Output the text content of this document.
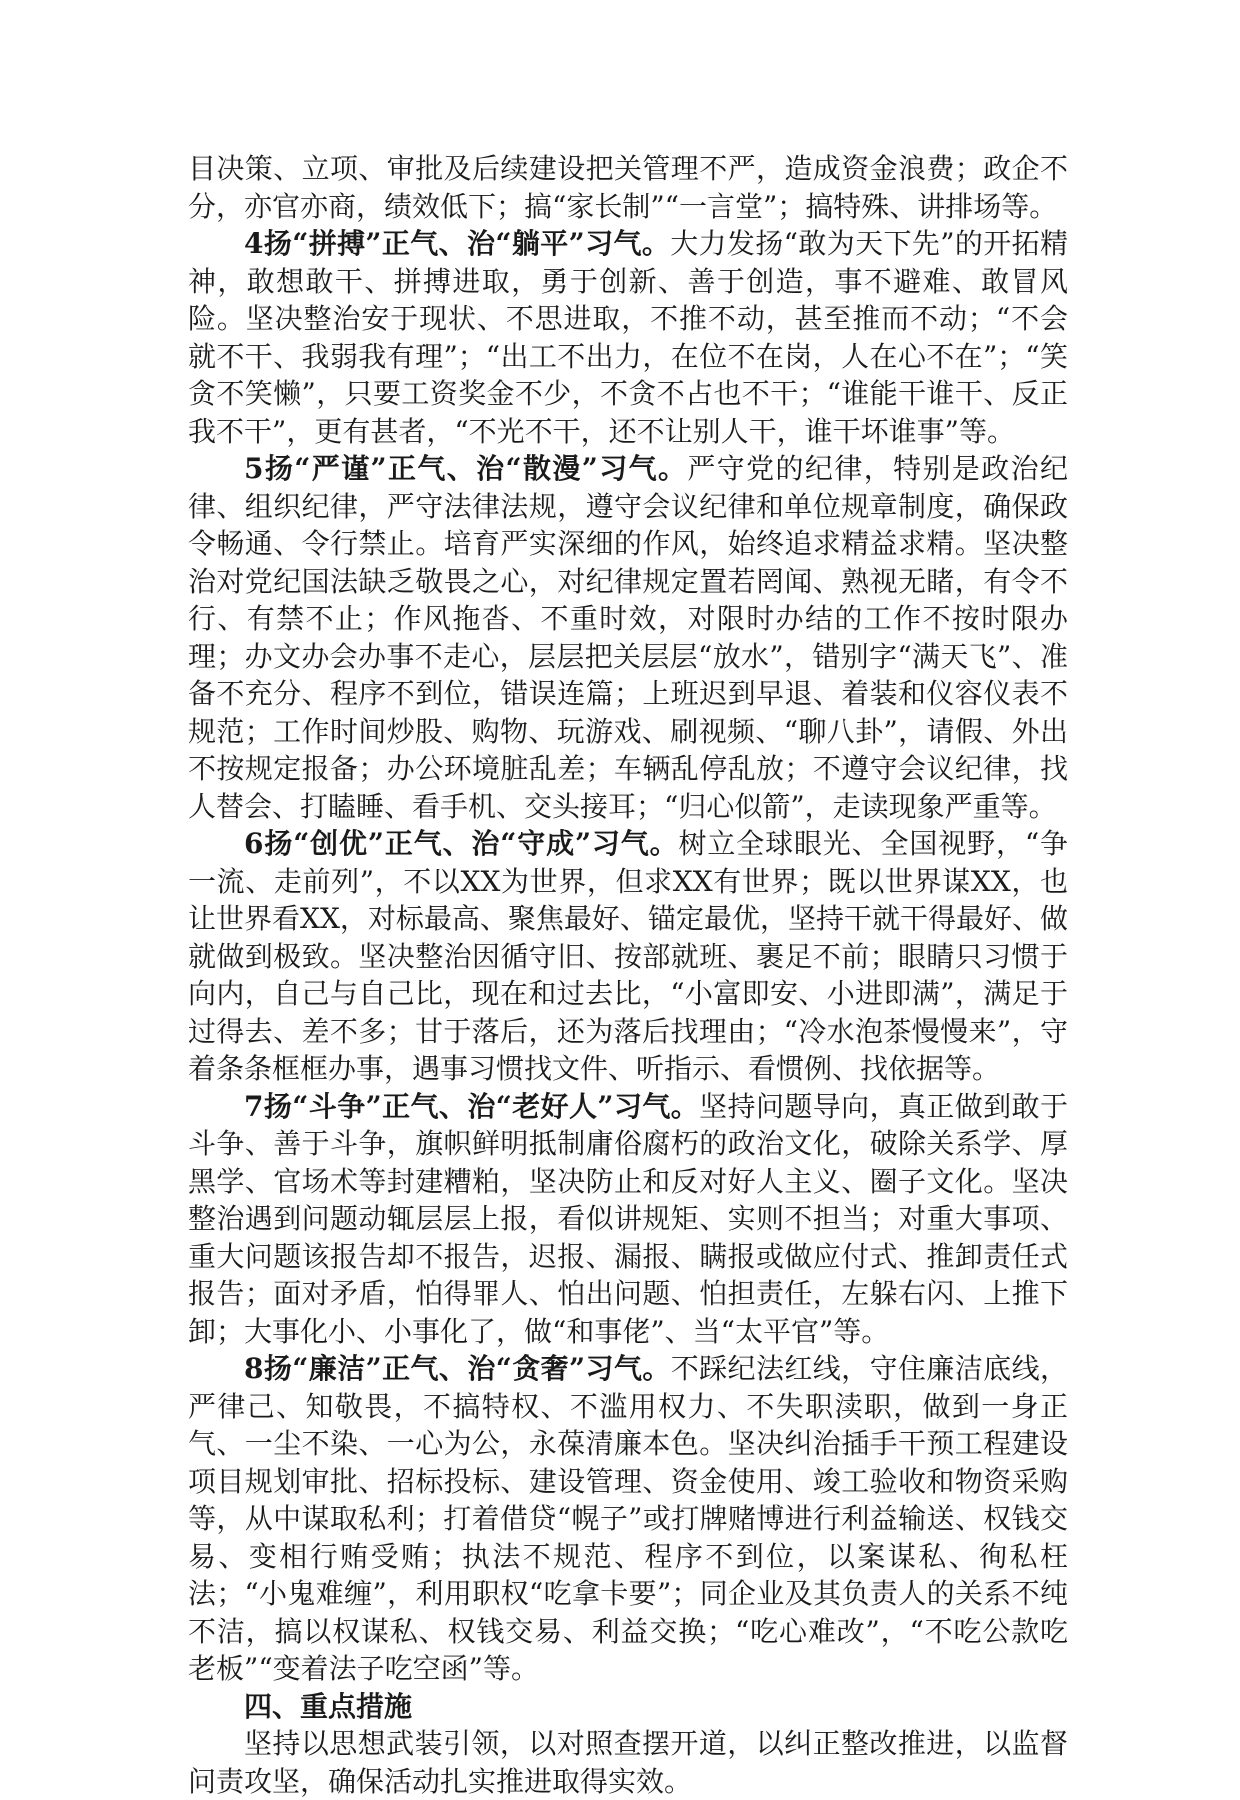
目决策、立项、审批及后续建设把关管理不严，造成资金浪费；政企不分，亦官亦商，绩效低下；搞“家长制”“一言堂”；搞特殊、讲排场等。

4扬“拼搏”正气、治“躺平”习气。大力发扬“敢为天下先”的开拓精神，敢想敢干、拼搏进取，勇于创新、善于创造，事不避难、敢冒风险。坚决整治安于现状、不思进取，不推不动，甚至推而不动；“不会就不干、我弱我有理”；“出工不出力，在位不在岗，人在心不在”；“笑贪不笑懒”，只要工资奖金不少，不贪不占也不干；“谁能干谁干、反正我不干”，更有甚者，“不光不干，还不让别人干，谁干坏谁事”等。

5扬“严谨”正气、治“散漫”习气。严守党的纪律，特别是政治纪律、组织纪律，严守法律法规，遵守会议纪律和单位规章制度，确保政令畅通、令行禁止。培育严实深细的作风，始终追求精益求精。坚决整治对党纪国法缺乏敬畏之心，对纪律规定置若罔闻、熟视无睹，有令不行、有禁不止；作风拖沓、不重时效，对限时办结的工作不按时限办理；办文办会办事不走心，层层把关层层“放水”，错别字“满天飞”、准备不充分、程序不到位，错误连篇；上班迟到早退、着装和仪容仪表不规范；工作时间炒股、购物、玩游戏、刷视频、“聊八卦”，请假、外出不按规定报备；办公环境脏乱差；车辆乱停乱放；不遵守会议纪律，找人替会、打瞌睡、看手机、交头接耳；“归心似箭”，走读现象严重等。

6扬“创优”正气、治“守成”习气。树立全球眼光、全国视野，“争一流、走前列”，不以XX为世界，但求XX有世界；既以世界谋XX，也让世界看XX，对标最高、聚焦最好、锚定最优，坚持干就干得最好、做就做到极致。坚决整治因循守旧、按部就班、裹足不前；眼睛只习惯于向内，自己与自己比，现在和过去比，“小富即安、小进即满”，满足于过得去、差不多；甘于落后，还为落后找理由；“冷水泡茶慢慢来”，守着条条框框办事，遇事习惯找文件、听指示、看惯例、找依据等。

7扬“斗争”正气、治“老好人”习气。坚持问题导向，真正做到敢于斗争、善于斗争，旗帜鲜明抵制庸俗腐朽的政治文化，破除关系学、厚黑学、官场术等封建糟粕，坚决防止和反对好人主义、圈子文化。坚决整治遇到问题动辄层层上报，看似讲规矩、实则不担当；对重大事项、重大问题该报告却不报告，迟报、漏报、瞒报或做应付式、推卸责任式报告；面对矛盾，怕得罪人、怕出问题、怕担责任，左躲右闪、上推下卸；大事化小、小事化了，做“和事佬”、当“太平官”等。

8扬“廉洁”正气、治“贪奢”习气。不踩纪法红线，守住廉洁底线，严律己、知敬畏，不搞特权、不滥用权力、不失职渎职，做到一身正气、一尘不染、一心为公，永葆清廉本色。坚决纠治插手干预工程建设项目规划审批、招标投标、建设管理、资金使用、竣工验收和物资采购等，从中谋取私利；打着借贷“幌子”或打牌赌博进行利益输送、权钱交易、变相行贿受贿；执法不规范、程序不到位，以案谋私、徇私枉法；“小鬼难缠”，利用职权“吃拿卡要”；同企业及其负责人的关系不纯不洁，搞以权谋私、权钱交易、利益交换；“吃心难改”，“不吃公款吃老板”“变着法子吃空函”等。

四、重点措施

坚持以思想武装引领，以对照查摆开道，以纠正整改推进，以监督问责攻坚，确保活动扎实推进取得实效。
